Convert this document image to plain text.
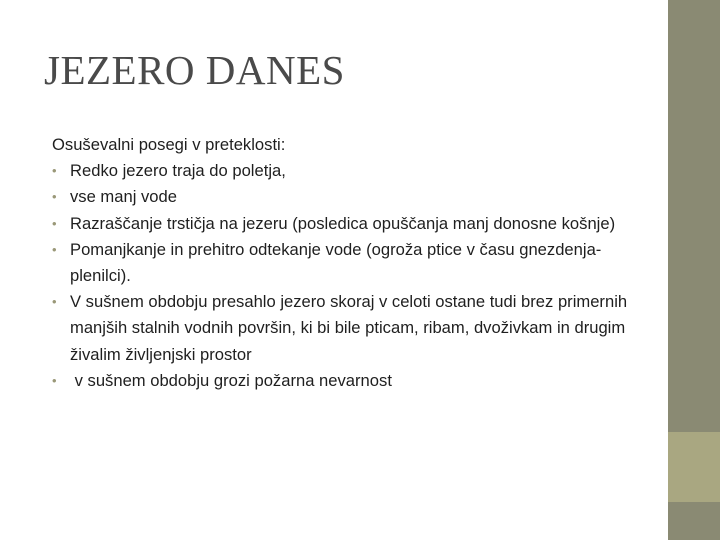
JEZERO DANES

Osuševalni posegi v preteklosti:

• Redko jezero traja do poletja,
• vse manj vode
• Razraščanje trstičja na jezeru (posledica opuščanja manj donosne košnje)
• Pomanjkanje in prehitro odtekanje vode (ogroža ptice v času gnezdenja-plenilci).
• V sušnem obdobju presahlo jezero skoraj v celoti ostane tudi brez primernih manjših stalnih vodnih površin, ki bi bile pticam, ribam, dvoživkam in drugim živalim življenjski prostor
• v sušnem obdobju grozi požarna nevarnost
